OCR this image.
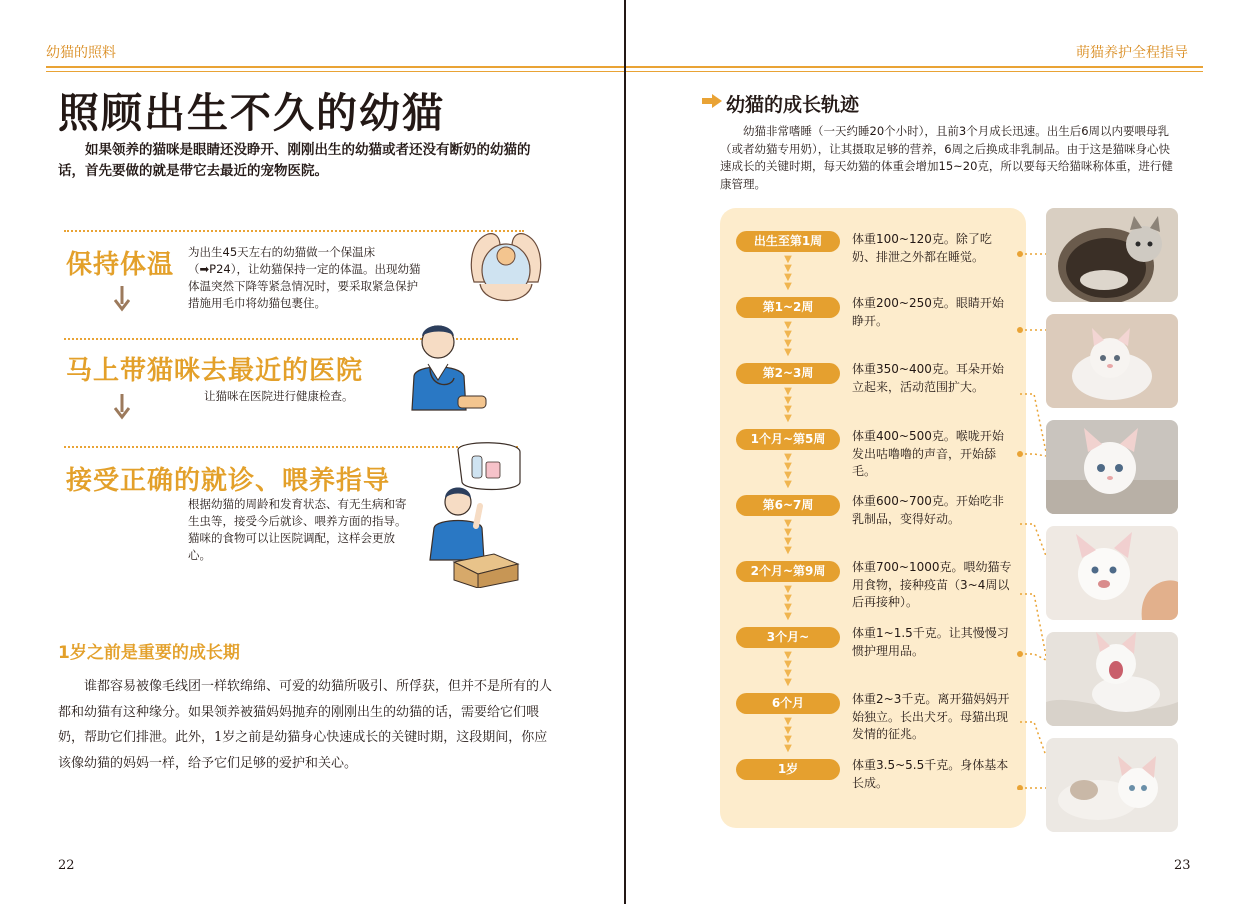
幼猫的照料
照顾出生不久的幼猫
如果领养的猫咪是眼睛还没睁开、刚刚出生的幼猫或者还没有断奶的幼猫的话，首先要做的就是带它去最近的宠物医院。
保持体温 为出生45天左右的幼猫做一个保温床（➡P24），让幼猫保持一定的体温。出现幼猫体温突然下降等紧急情况时，要采取紧急保护措施用毛巾将幼猫包裹住。
马上带猫咪去最近的医院
让猫咪在医院进行健康检查。
接受正确的就诊、喂养指导
根据幼猫的周龄和发育状态、有无生病和寄生虫等，接受今后就诊、喂养方面的指导。猫咪的食物可以让医院调配，这样会更放心。
1岁之前是重要的成长期
谁都容易被像毛线团一样软绵绵、可爱的幼猫所吸引、所俘获，但并不是所有的人都和幼猫有这种缘分。如果领养被猫妈妈抛弃的刚刚出生的幼猫的话，需要给它们喂奶，帮助它们排泄。此外，1岁之前是幼猫身心快速成长的关键时期，这段期间，你应该像幼猫的妈妈一样，给予它们足够的爱护和关心。
22
萌猫养护全程指导
幼猫的成长轨迹
幼猫非常嗜睡（一天约睡20个小时），且前3个月成长迅速。出生后6周以内要喂母乳（或者幼猫专用奶），让其摄取足够的营养，6周之后换成非乳制品。由于这是猫咪身心快速成长的关键时期，每天幼猫的体重会增加15~20克，所以要每天给猫咪称体重，进行健康管理。
出生至第1周	体重100~120克。除了吃奶、排泄之外都在睡觉。
▼
▼
▼
▼
第1~2周	体重200~250克。眼睛开始睁开。
▼
▼
▼
▼
第2~3周	体重350~400克。耳朵开始立起来，活动范围扩大。
▼
▼
▼
▼
1个月~第5周	体重400~500克。喉咙开始发出咕噜噜的声音，开始舔毛。
▼
▼
▼
▼
第6~7周	体重600~700克。开始吃非乳制品，变得好动。
▼
▼
▼
▼
2个月~第9周	体重700~1000克。喂幼猫专用食物，接种疫苗（3~4周以后再接种）。
▼
▼
▼
▼
3个月~	体重1~1.5千克。让其慢慢习惯护理用品。
▼
▼
▼
▼
6个月	体重2~3千克。离开猫妈妈开始独立。长出犬牙。母猫出现发情的征兆。
▼
▼
▼
▼
1岁	体重3.5~5.5千克。身体基本长成。
23
